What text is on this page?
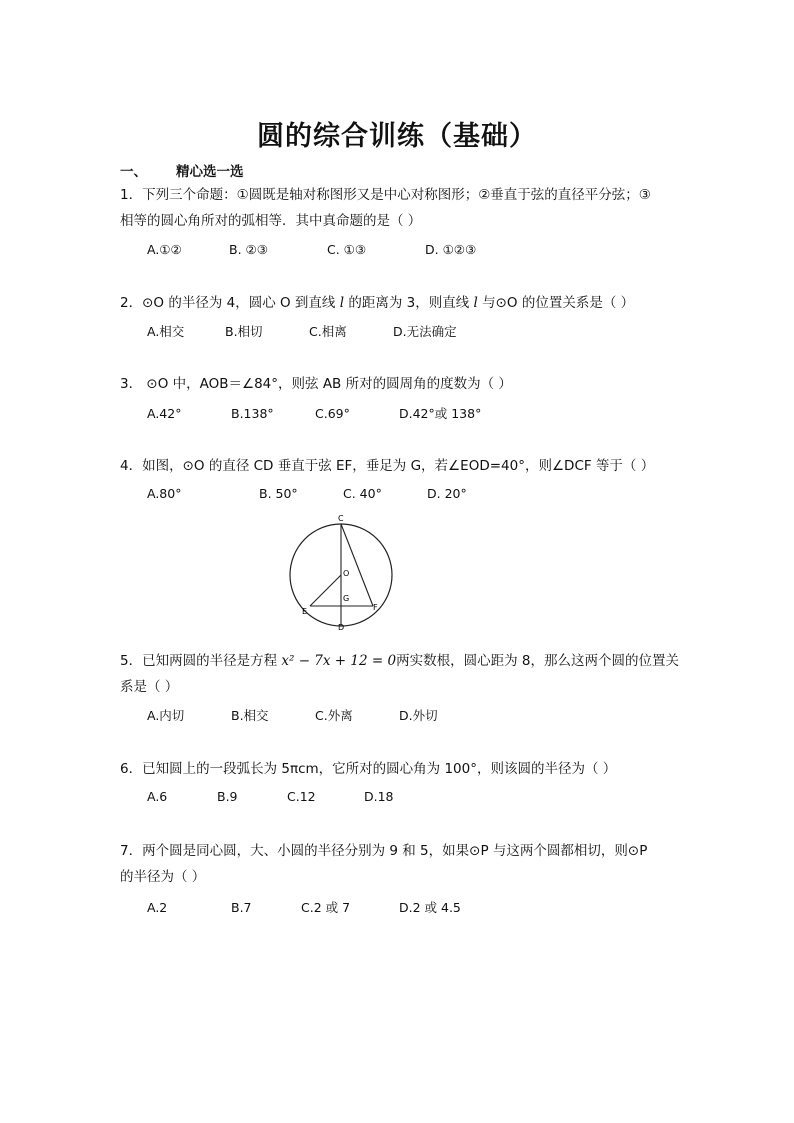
圆的综合训练（基础）
一、 精心选一选
1．下列三个命题：①圆既是轴对称图形又是中心对称图形；②垂直于弦的直径平分弦；③
相等的圆心角所对的弧相等．其中真命题的是（ ）
A.①②	B. ②③	C. ①③	D. ①②③
2．⊙O 的半径为 4，圆心 O 到直线 l 的距离为 3，则直线 l 与⊙O 的位置关系是（ ）
A.相交	B.相切	C.相离	D.无法确定
3． ⊙O 中，AOB＝∠84°，则弦 AB 所对的圆周角的度数为（ ）
A.42°	B.138°	C.69°	D.42°或 138°
4．如图，⊙O 的直径 CD 垂直于弦 EF，垂足为 G，若∠EOD=40°，则∠DCF 等于（ ）
A.80°	B. 50°	C. 40°	D. 20°
C
O
G
E	F
D
5．已知两圆的半径是方程 x² − 7x + 12 = 0两实数根，圆心距为 8，那么这两个圆的位置关
系是（ ）
A.内切	B.相交	C.外离	D.外切
6．已知圆上的一段弧长为 5πcm，它所对的圆心角为 100°，则该圆的半径为（ ）
A.6	B.9	C.12	D.18
7．两个圆是同心圆，大、小圆的半径分别为 9 和 5，如果⊙P 与这两个圆都相切，则⊙P
的半径为（ ）
A.2	B.7	C.2 或 7	D.2 或 4.5
